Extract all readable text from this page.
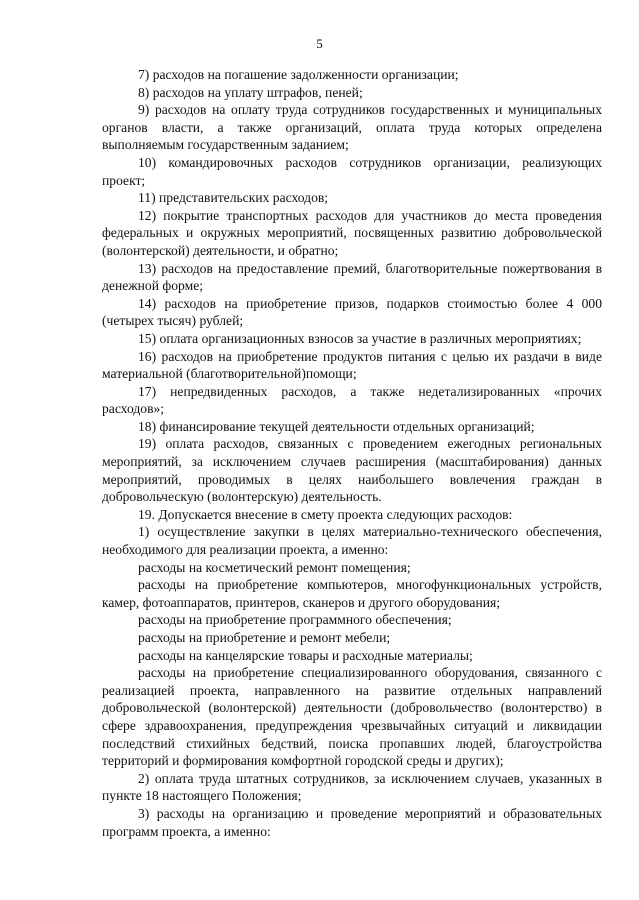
5

7) расходов на погашение задолженности организации;

8) расходов на уплату штрафов, пеней;

9) расходов на оплату труда сотрудников государственных и муниципальных органов власти, а также организаций, оплата труда которых определена выполняемым государственным заданием;

10) командировочных расходов сотрудников организации, реализующих проект;

11) представительских расходов;

12) покрытие транспортных расходов для участников до места проведения федеральных и окружных мероприятий, посвященных развитию добровольческой (волонтерской) деятельности, и обратно;

13) расходов на предоставление премий, благотворительные пожертвования в денежной форме;

14) расходов на приобретение призов, подарков стоимостью более 4 000 (четырех тысяч) рублей;

15) оплата организационных взносов за участие в различных мероприятиях;

16) расходов на приобретение продуктов питания с целью их раздачи в виде материальной (благотворительной)помощи;

17) непредвиденных расходов, а также недетализированных «прочих расходов»;

18) финансирование текущей деятельности отдельных организаций;

19) оплата расходов, связанных с проведением ежегодных региональных мероприятий, за исключением случаев расширения (масштабирования) данных мероприятий, проводимых в целях наибольшего вовлечения граждан в добровольческую (волонтерскую) деятельность.

19. Допускается внесение в смету проекта следующих расходов:

1) осуществление закупки в целях материально-технического обеспечения, необходимого для реализации проекта, а именно:

расходы на косметический ремонт помещения;

расходы на приобретение компьютеров, многофункциональных устройств, камер, фотоаппаратов, принтеров, сканеров и другого оборудования;

расходы на приобретение программного обеспечения;

расходы на приобретение и ремонт мебели;

расходы на канцелярские товары и расходные материалы;

расходы на приобретение специализированного оборудования, связанного с реализацией проекта, направленного на развитие отдельных направлений добровольческой (волонтерской) деятельности (добровольчество (волонтерство) в сфере здравоохранения, предупреждения чрезвычайных ситуаций и ликвидации последствий стихийных бедствий, поиска пропавших людей, благоустройства территорий и формирования комфортной городской среды и других);

2) оплата труда штатных сотрудников, за исключением случаев, указанных в пункте 18 настоящего Положения;

3) расходы на организацию и проведение мероприятий и образовательных программ проекта, а именно:
